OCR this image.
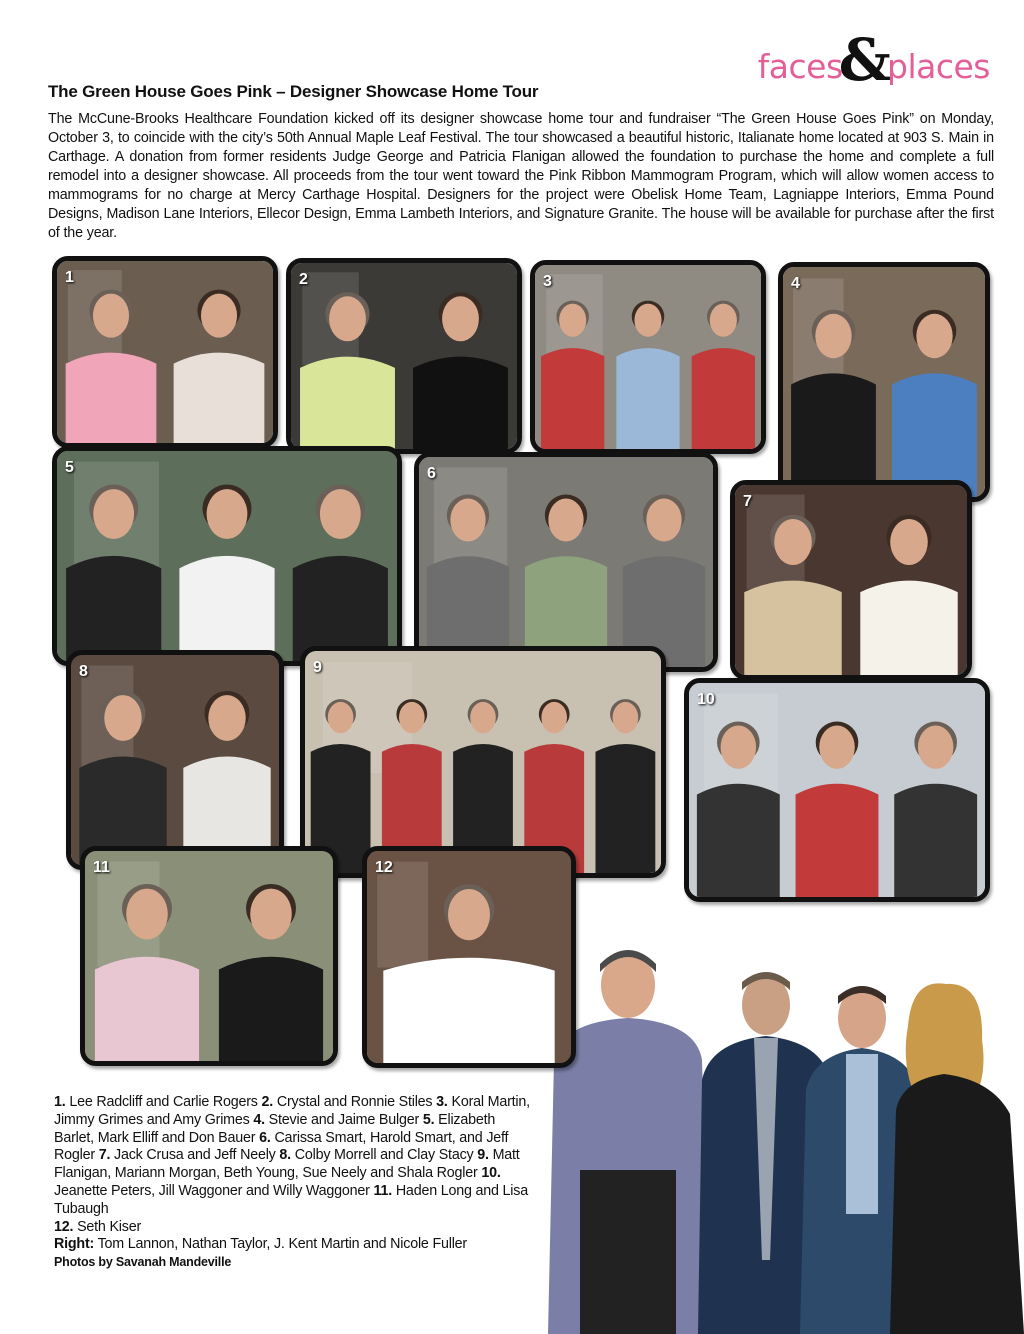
faces
&
places
The Green House Goes Pink – Designer Showcase Home Tour
The McCune-Brooks Healthcare Foundation kicked off its designer showcase home tour and fundraiser “The Green House Goes Pink” on Monday, October 3, to coincide with the city’s 50th Annual Maple Leaf Festival. The tour showcased a beautiful historic, Italianate home located at 903 S. Main in Carthage. A donation from former residents Judge George and Patricia Flanigan allowed the foundation to purchase the home and complete a full remodel into a designer showcase. All proceeds from the tour went toward the Pink Ribbon Mammogram Program, which will allow women access to mammograms for no charge at Mercy Carthage Hospital. Designers for the project were Obelisk Home Team, Lagniappe Interiors, Emma Pound Designs, Madison Lane Interiors, Ellecor Design, Emma Lambeth Interiors, and Signature Granite. The house will be available for purchase after the first of the year.
1	2	3	4
5	6
7
8	9
10
11	12
1. Lee Radcliff and Carlie Rogers 2. Crystal and Ronnie Stiles 3. Koral Martin, Jimmy Grimes and Amy Grimes 4. Stevie and Jaime Bulger 5. Elizabeth Barlet, Mark Elliff and Don Bauer 6. Carissa Smart, Harold Smart, and Jeff Rogler 7. Jack Crusa and Jeff Neely 8. Colby Morrell and Clay Stacy 9. Matt Flanigan, Mariann Morgan, Beth Young, Sue Neely and Shala Rogler 10. Jeanette Peters, Jill Waggoner and Willy Waggoner 11. Haden Long and Lisa Tubaugh
12. Seth Kiser
Right: Tom Lannon, Nathan Taylor, J. Kent Martin and Nicole Fuller
Photos by Savanah Mandeville
